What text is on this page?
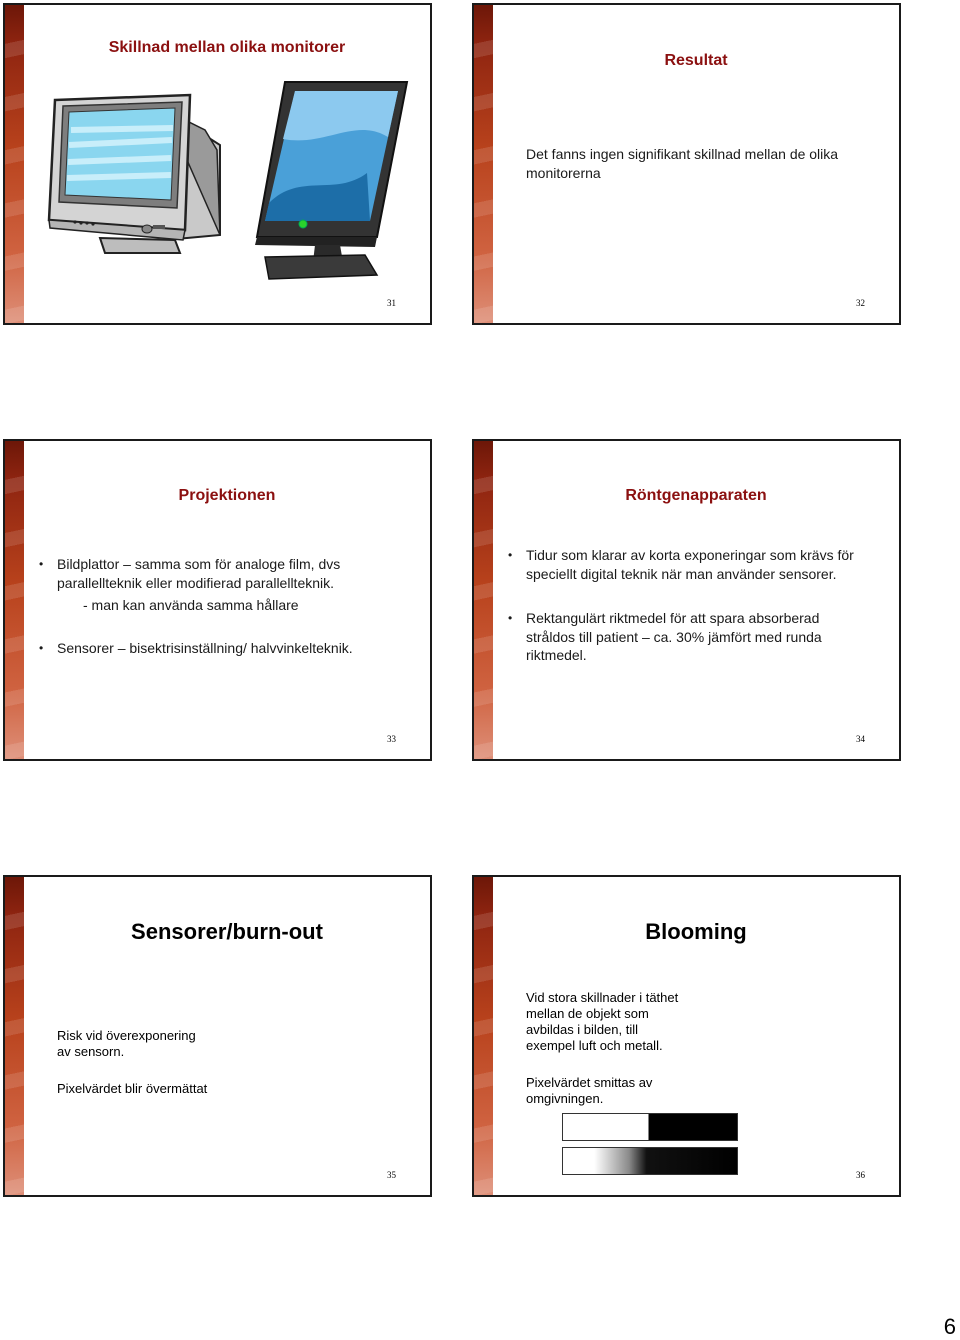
Skillnad mellan olika monitorer
31
Resultat
Det fanns ingen signifikant skillnad mellan de olika monitorerna
32
Projektionen
• Bildplattor – samma som för analoge film, dvs parallellteknik eller modifierad parallellteknik.
- man kan använda samma hållare
• Sensorer – bisektrisinställning/ halvvinkelteknik.
33
Röntgenapparaten
• Tidur som klarar av korta exponeringar som krävs för speciellt digital teknik när man använder sensorer.
• Rektangulärt riktmedel för att spara absorberad stråldos till patient – ca. 30% jämfört med runda riktmedel.
34
Sensorer/burn-out
Risk vid överexponering av sensorn.
Pixelvärdet blir övermättat
35
Blooming
Vid stora skillnader i täthet mellan de objekt som avbildas i bilden, till exempel luft och metall.
Pixelvärdet smittas av omgivningen.
36
6
